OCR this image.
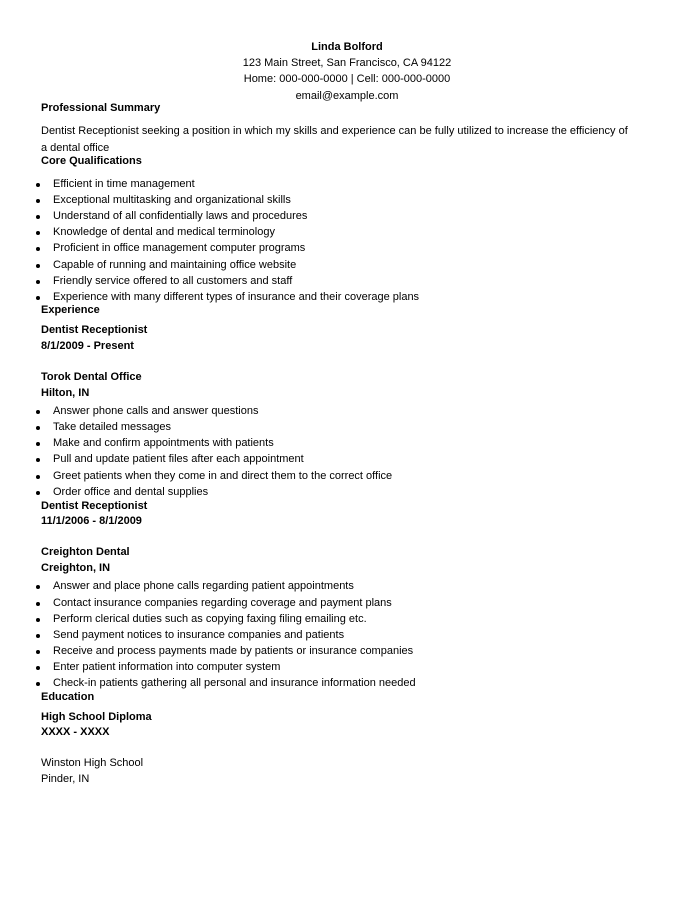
Linda Bolford
123 Main Street, San Francisco, CA 94122
Home: 000-000-0000 | Cell: 000-000-0000
email@example.com
Professional Summary
Dentist Receptionist seeking a position in which my skills and experience can be fully utilized to increase the efficiency of
a dental office
Core Qualifications
Efficient in time management
Exceptional multitasking and organizational skills
Understand of all confidentially laws and procedures
Knowledge of dental and medical terminology
Proficient in office management computer programs
Capable of running and maintaining office website
Friendly service offered to all customers and staff
Experience with many different types of insurance and their coverage plans
Experience
Dentist Receptionist
8/1/2009 - Present
Torok Dental Office
Hilton, IN
Answer phone calls and answer questions
Take detailed messages
Make and confirm appointments with patients
Pull and update patient files after each appointment
Greet patients when they come in and direct them to the correct office
Order office and dental supplies
Dentist Receptionist
11/1/2006 - 8/1/2009
Creighton Dental
Creighton, IN
Answer and place phone calls regarding patient appointments
Contact insurance companies regarding coverage and payment plans
Perform clerical duties such as copying faxing filing emailing etc.
Send payment notices to insurance companies and patients
Receive and process payments made by patients or insurance companies
Enter patient information into computer system
Check-in patients gathering all personal and insurance information needed
Education
High School Diploma
XXXX - XXXX
Winston High School
Pinder, IN
